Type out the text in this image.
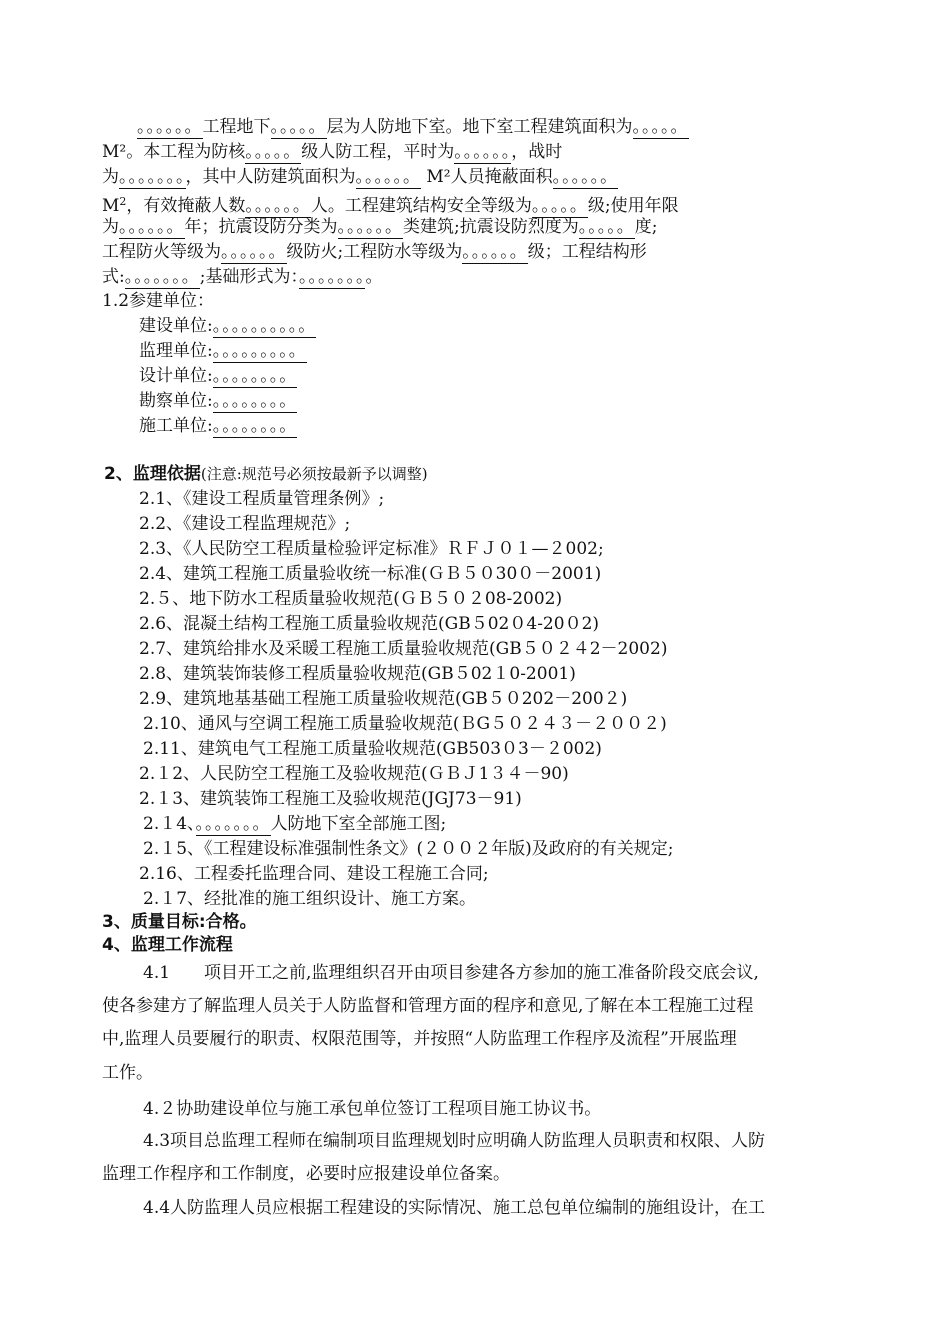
。。。。。。工程地下。。。。。层为人防地下室。地下室工程建筑面积为。。。。。
M²。本工程为防核。。。。。级人防工程，平时为。。。。。。，战时
为。。。。。。。，其中人防建筑面积为。。。。。。 M²人员掩蔽面积。。。。。。
$M^2$，有效掩蔽人数。。。。。。人。工程建筑结构安全等级为。。。。。级;使用年限
为。。。。。。年；抗震设防分类为。。。。。。类建筑;抗震设防烈度为。。。。。度;
工程防火等级为。。。。。。级防火;工程防水等级为。。。。。。级；工程结构形
式:。。。。。。。;基础形式为：。。。。。。。。
1.2参建单位：
建设单位:。。。。。。。。。。
监理单位:。。。。。。。。。
设计单位:。。。。。。。。
勘察单位:。。。。。。。。
施工单位:。。。。。。。。
2、监理依据(注意:规范号必须按最新予以调整)
2.1、《建设工程质量管理条例》;
2.2、《建设工程监理规范》;
2.3、《人民防空工程质量检验评定标准》ＲＦＪ０１—２002;
2.4、建筑工程施工质量验收统一标准(ＧＢ５０30０－2001)
2.５、地下防水工程质量验收规范(ＧＢ５０２08-2002)
2.6、混凝土结构工程施工质量验收规范(GB５02０4-20０2)
2.7、建筑给排水及采暖工程施工质量验收规范(GB５０２４2－2002)
2.8、建筑装饰装修工程质量验收规范(GB５02１0-2001)
2.9、建筑地基基础工程施工质量验收规范(GB５０202－200２)
2.10、通风与空调工程施工质量验收规范(ＢG５０２４３－２００２)
2.11、建筑电气工程施工质量验收规范(GB503０3－２002)
2.１2、人民防空工程施工及验收规范(ＧＢＪ1３４－90)
2.１3、建筑装饰工程施工及验收规范(JGJ73－91)
2.１4、。。。。。。。人防地下室全部施工图;
2.１5、《工程建设标准强制性条文》(２００２年版)及政府的有关规定;
2.16、工程委托监理合同、建设工程施工合同;
2.１7、经批准的施工组织设计、施工方案。
3、质量目标:合格。
4、监理工作流程
4.1　　项目开工之前,监理组织召开由项目参建各方参加的施工准备阶段交底会议,
使各参建方了解监理人员关于人防监督和管理方面的程序和意见,了解在本工程施工过程
中,监理人员要履行的职责、权限范围等，并按照“人防监理工作程序及流程”开展监理
工作。
4.２协助建设单位与施工承包单位签订工程项目施工协议书。
4.3项目总监理工程师在编制项目监理规划时应明确人防监理人员职责和权限、人防
监理工作程序和工作制度，必要时应报建设单位备案。
4.4人防监理人员应根据工程建设的实际情况、施工总包单位编制的施组设计，在工
